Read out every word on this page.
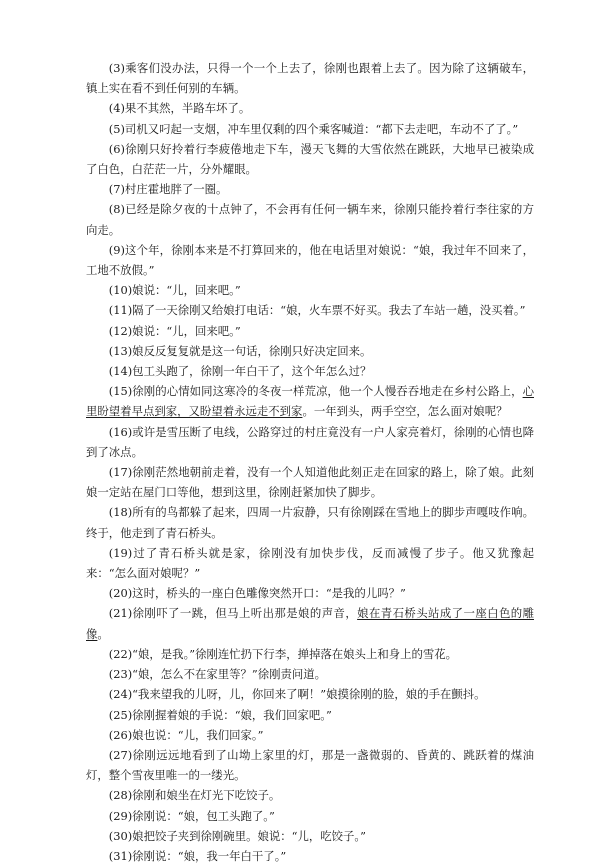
(3)乘客们没办法，只得一个一个上去了，徐刚也跟着上去了。因为除了这辆破车，镇上实在看不到任何别的车辆。

(4)果不其然，半路车坏了。

(5)司机又叼起一支烟，冲车里仅剩的四个乘客喊道：“都下去走吧，车动不了了。”

(6)徐刚只好拎着行李疲倦地走下车，漫天飞舞的大雪依然在跳跃，大地早已被染成了白色，白茫茫一片，分外耀眼。

(7)村庄霍地胖了一圈。

(8)已经是除夕夜的十点钟了，不会再有任何一辆车来，徐刚只能拎着行李往家的方向走。

(9)这个年，徐刚本来是不打算回来的，他在电话里对娘说：“娘，我过年不回来了，工地不放假。”

(10)娘说：“儿，回来吧。”

(11)隔了一天徐刚又给娘打电话：“娘，火车票不好买。我去了车站一趟，没买着。”

(12)娘说：“儿，回来吧。”

(13)娘反反复复就是这一句话，徐刚只好决定回来。

(14)包工头跑了，徐刚一年白干了，这个年怎么过？

(15)徐刚的心情如同这寒冷的冬夜一样荒凉，他一个人慢吞吞地走在乡村公路上，心里盼望着早点到家，又盼望着永远走不到家。一年到头，两手空空，怎么面对娘呢？

(16)或许是雪压断了电线，公路穿过的村庄竟没有一户人家亮着灯，徐刚的心情也降到了冰点。

(17)徐刚茫然地朝前走着，没有一个人知道他此刻正走在回家的路上，除了娘。此刻娘一定站在屋门口等他，想到这里，徐刚赶紧加快了脚步。

(18)所有的鸟都躲了起来，四周一片寂静，只有徐刚踩在雪地上的脚步声嘎吱作响。终于，他走到了青石桥头。

(19)过了青石桥头就是家，徐刚没有加快步伐，反而减慢了步子。他又犹豫起来：“怎么面对娘呢？”

(20)这时，桥头的一座白色雕像突然开口：“是我的儿吗？”

(21)徐刚吓了一跳，但马上听出那是娘的声音，娘在青石桥头站成了一座白色的雕像。

(22)“娘，是我。”徐刚连忙扔下行李，掸掉落在娘头上和身上的雪花。

(23)“娘，怎么不在家里等？”徐刚责问道。

(24)“我来望我的儿呀，儿，你回来了啊！”娘摸徐刚的脸，娘的手在颤抖。

(25)徐刚握着娘的手说：“娘，我们回家吧。”

(26)娘也说：“儿，我们回家。”

(27)徐刚远远地看到了山坳上家里的灯，那是一盏微弱的、昏黄的、跳跃着的煤油灯，整个雪夜里唯一的一缕光。

(28)徐刚和娘坐在灯光下吃饺子。

(29)徐刚说：“娘，包工头跑了。”

(30)娘把饺子夹到徐刚碗里。娘说：“儿，吃饺子。”

(31)徐刚说：“娘，我一年白干了。”
